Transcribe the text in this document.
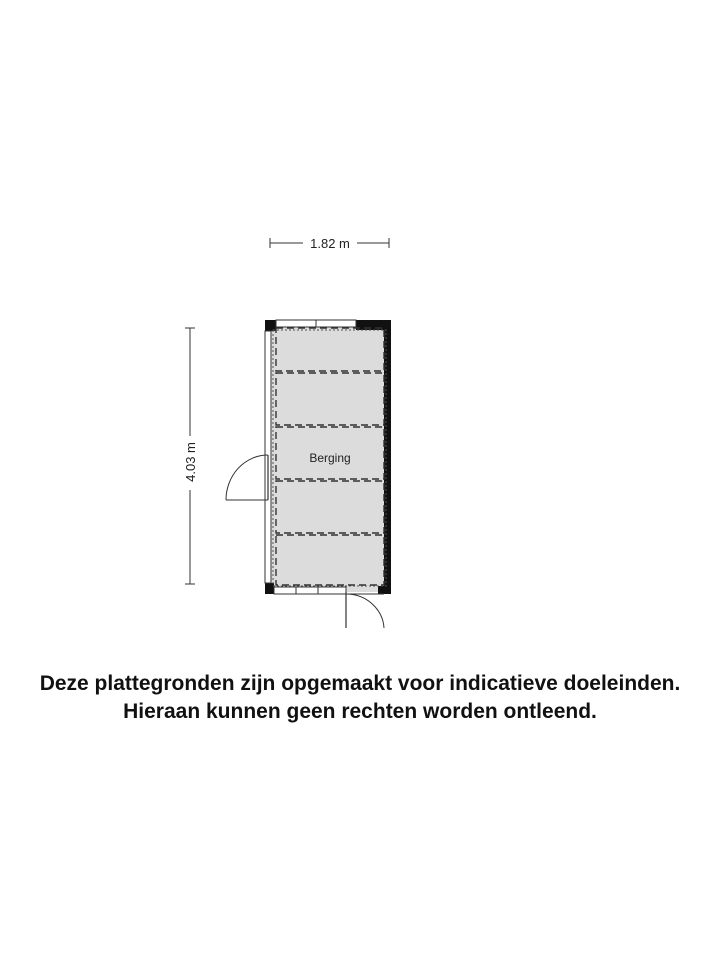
1.82 m
4.03 m	Berging
Deze plattegronden zijn opgemaakt voor indicatieve doeleinden.
Hieraan kunnen geen rechten worden ontleend.
